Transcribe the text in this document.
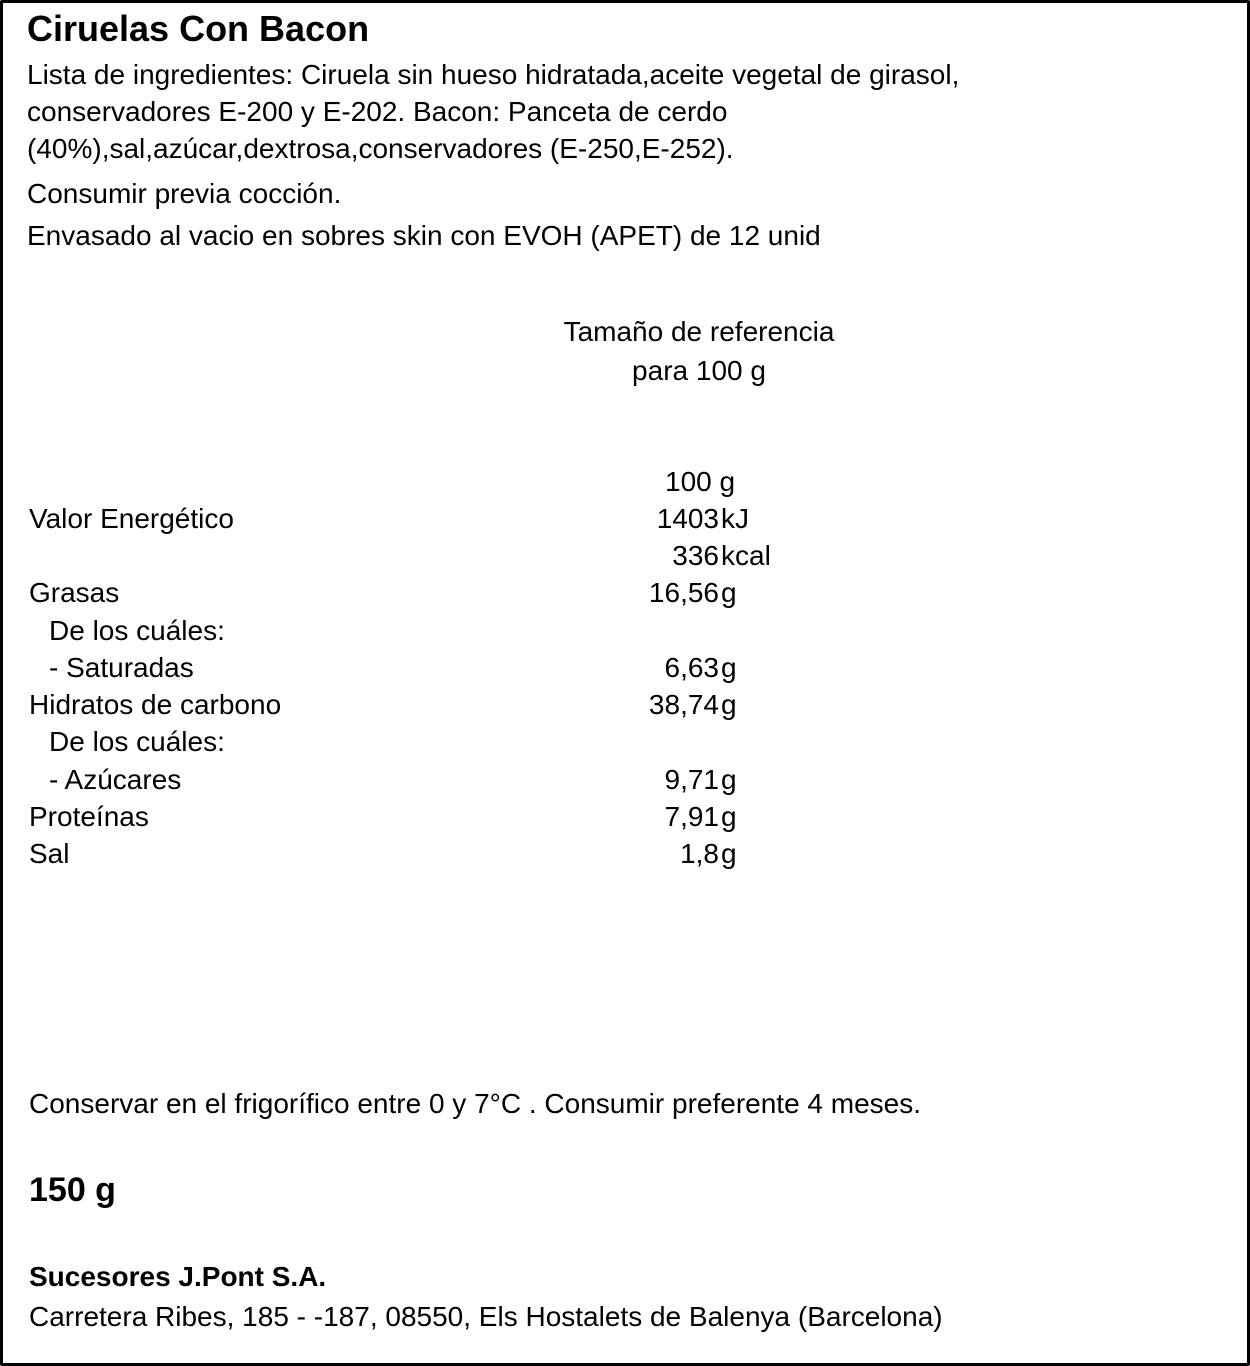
Ciruelas Con Bacon
Lista de ingredientes: Ciruela sin hueso hidratada,aceite vegetal de girasol,
conservadores E-200 y E-202. Bacon: Panceta de cerdo
(40%),sal,azúcar,dextrosa,conservadores (E-250,E-252).
Consumir previa cocción.
Envasado al vacio en sobres skin con EVOH (APET) de 12 unid
Tamaño de referencia
para 100 g
100 g
Valor Energético	1403 kJ
336 kcal
Grasas	16,56 g
De los cuáles:
- Saturadas	6,63 g
Hidratos de carbono	38,74 g
De los cuáles:
- Azúcares	9,71 g
Proteínas	7,91 g
Sal	1,8 g
Conservar en el frigorífico entre 0 y 7°C . Consumir preferente 4 meses.
150 g
Sucesores J.Pont S.A.
Carretera Ribes, 185 - -187, 08550, Els Hostalets de Balenya (Barcelona)
